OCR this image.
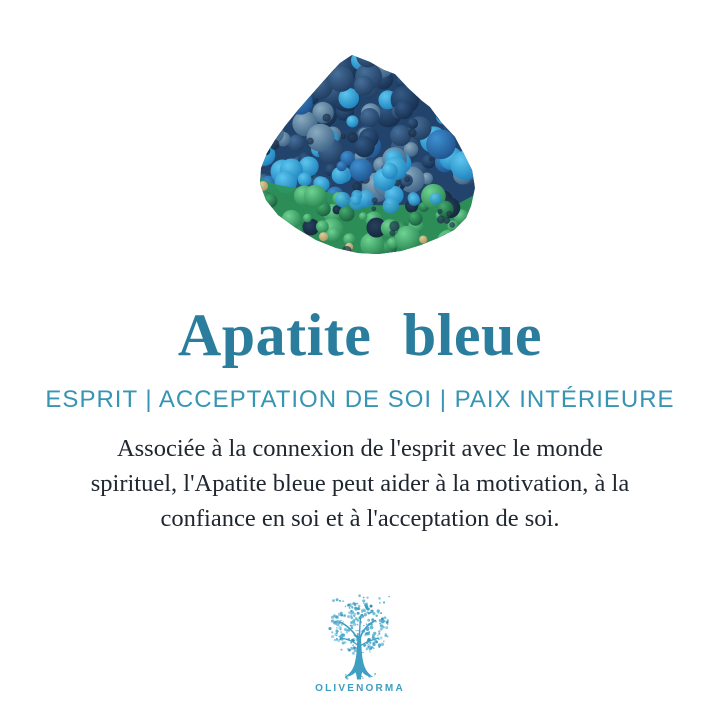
Apatite bleue
ESPRIT | ACCEPTATION DE SOI | PAIX INTÉRIEURE
Associée à la connexion de l'esprit avec le monde
spirituel, l'Apatite bleue peut aider à la motivation, à la
confiance en soi et à l'acceptation de soi.
OLIVENORMA
